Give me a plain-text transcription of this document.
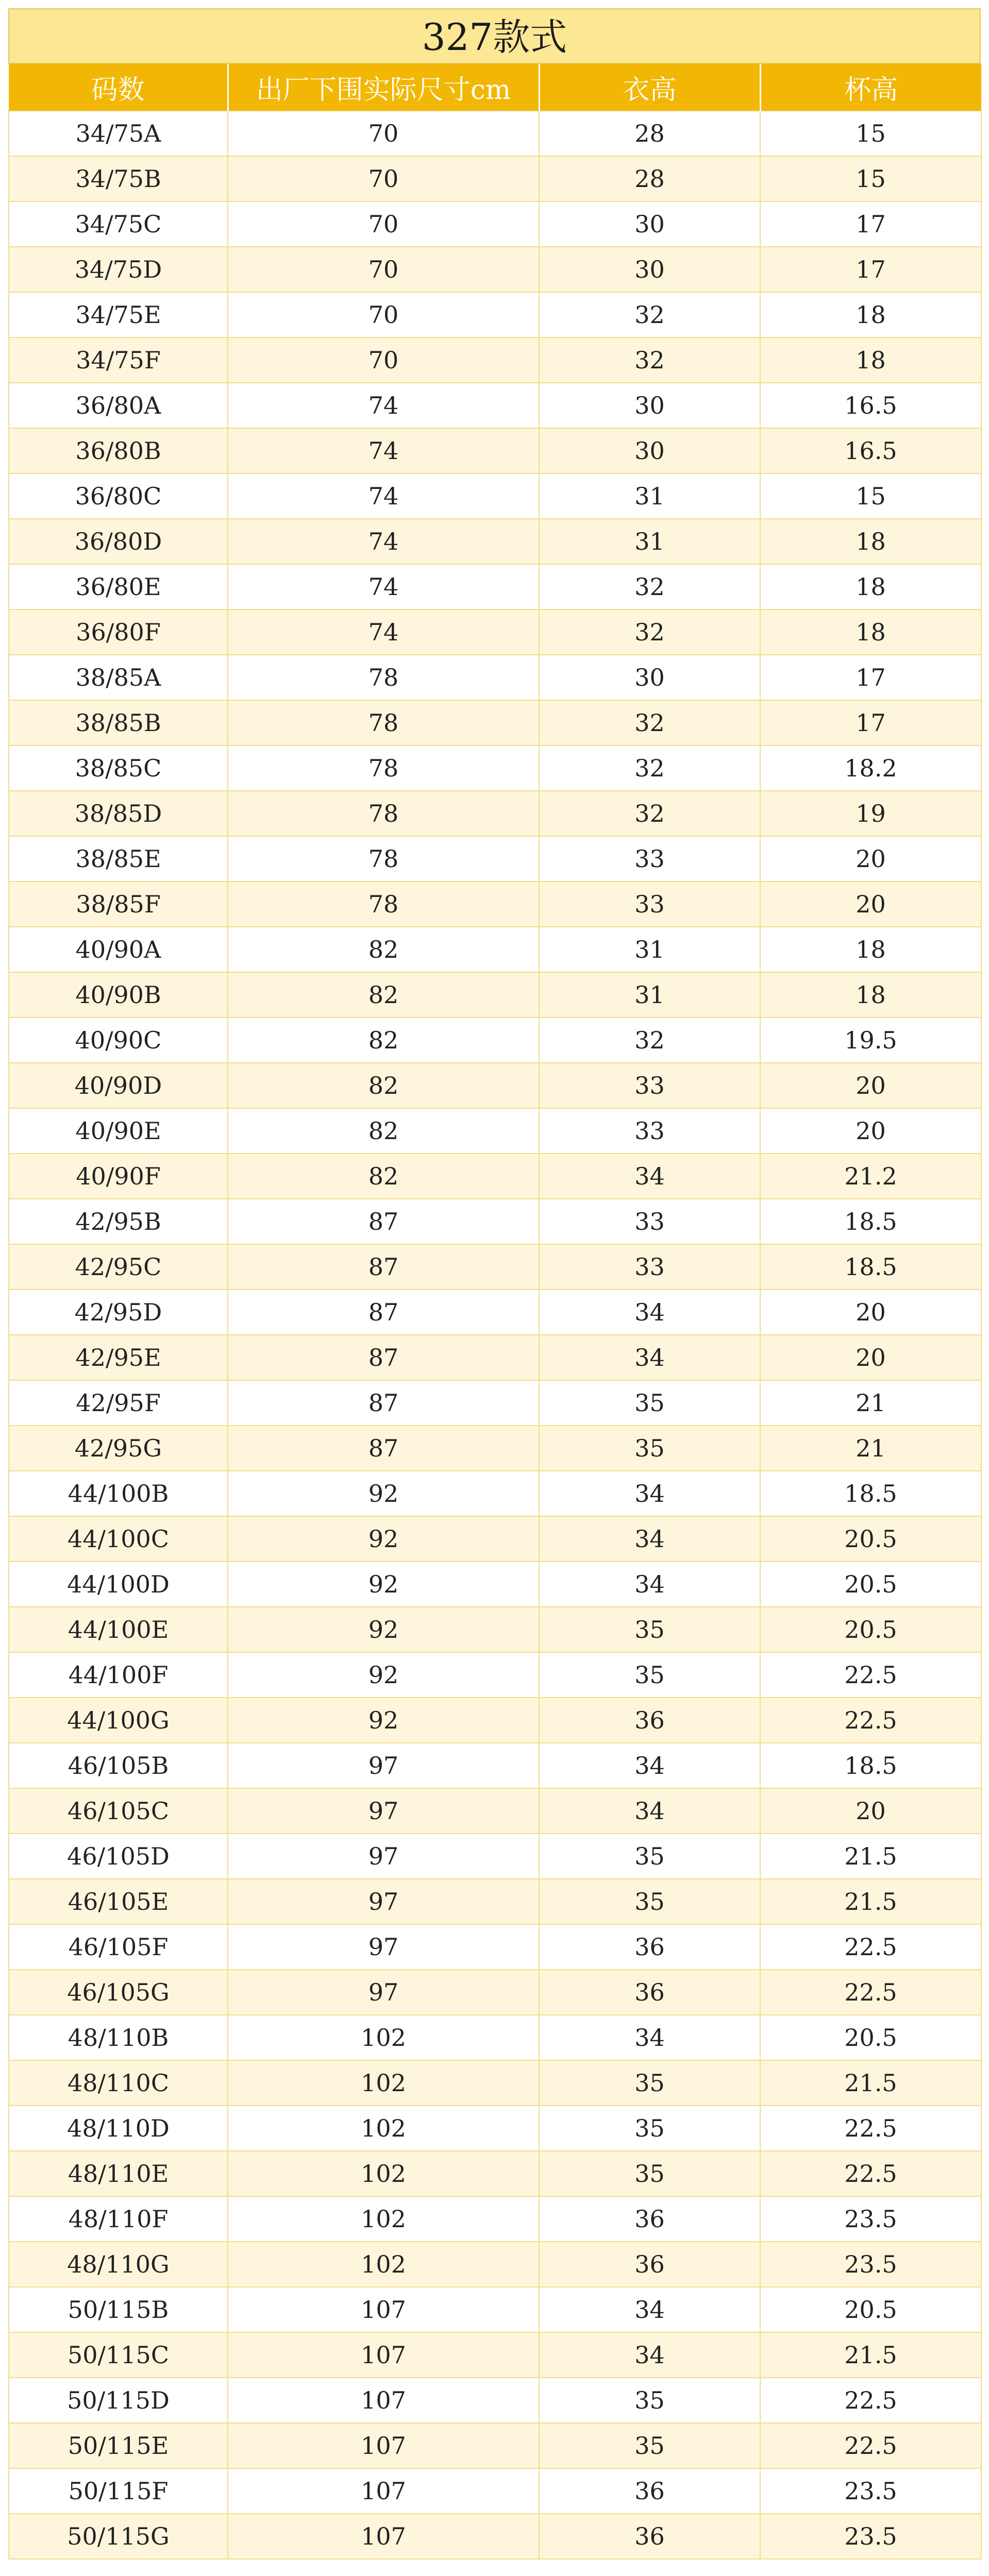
327款式
码数	出厂下围实际尺寸cm	衣高	杯高
34/75A	70	28	15
34/75B	70	28	15
34/75C	70	30	17
34/75D	70	30	17
34/75E	70	32	18
34/75F	70	32	18
36/80A	74	30	16.5
36/80B	74	30	16.5
36/80C	74	31	15
36/80D	74	31	18
36/80E	74	32	18
36/80F	74	32	18
38/85A	78	30	17
38/85B	78	32	17
38/85C	78	32	18.2
38/85D	78	32	19
38/85E	78	33	20
38/85F	78	33	20
40/90A	82	31	18
40/90B	82	31	18
40/90C	82	32	19.5
40/90D	82	33	20
40/90E	82	33	20
40/90F	82	34	21.2
42/95B	87	33	18.5
42/95C	87	33	18.5
42/95D	87	34	20
42/95E	87	34	20
42/95F	87	35	21
42/95G	87	35	21
44/100B	92	34	18.5
44/100C	92	34	20.5
44/100D	92	34	20.5
44/100E	92	35	20.5
44/100F	92	35	22.5
44/100G	92	36	22.5
46/105B	97	34	18.5
46/105C	97	34	20
46/105D	97	35	21.5
46/105E	97	35	21.5
46/105F	97	36	22.5
46/105G	97	36	22.5
48/110B	102	34	20.5
48/110C	102	35	21.5
48/110D	102	35	22.5
48/110E	102	35	22.5
48/110F	102	36	23.5
48/110G	102	36	23.5
50/115B	107	34	20.5
50/115C	107	34	21.5
50/115D	107	35	22.5
50/115E	107	35	22.5
50/115F	107	36	23.5
50/115G	107	36	23.5
